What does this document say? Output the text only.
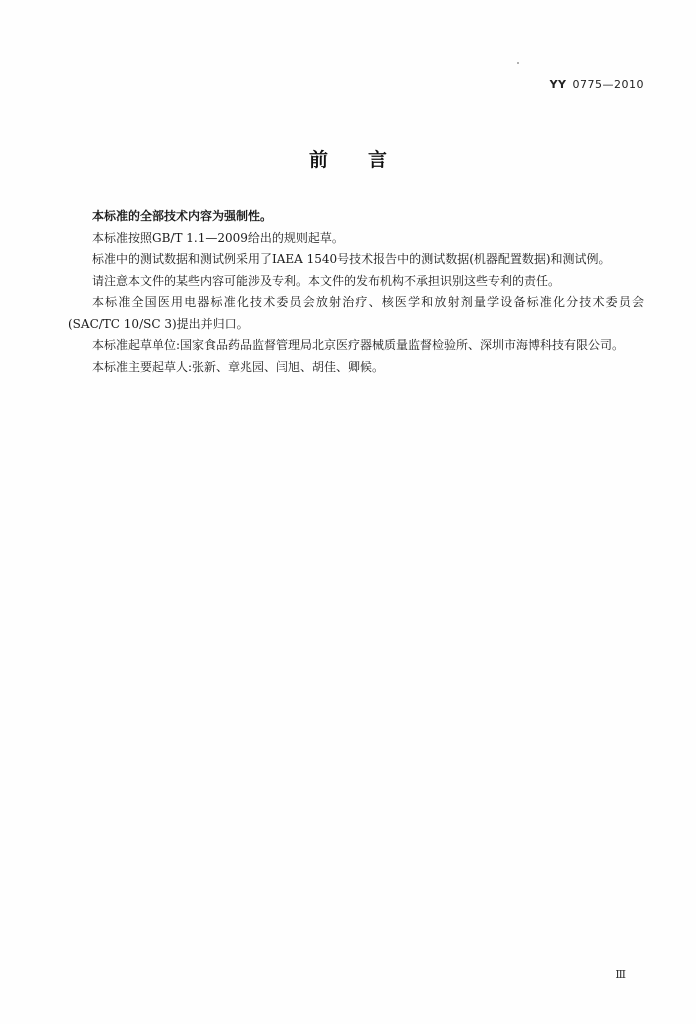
YY 0775—2010
前言

本标准的全部技术内容为强制性。

本标准按照GB/T 1.1—2009给出的规则起草。

标准中的测试数据和测试例采用了IAEA 1540号技术报告中的测试数据(机器配置数据)和测试例。

请注意本文件的某些内容可能涉及专利。本文件的发布机构不承担识别这些专利的责任。

本标准全国医用电器标准化技术委员会放射治疗、核医学和放射剂量学设备标准化分技术委员会(SAC/TC 10/SC 3)提出并归口。

本标准起草单位:国家食品药品监督管理局北京医疗器械质量监督检验所、深圳市海博科技有限公司。

本标准主要起草人:张新、章兆园、闫旭、胡佳、卿候。

Ⅲ
